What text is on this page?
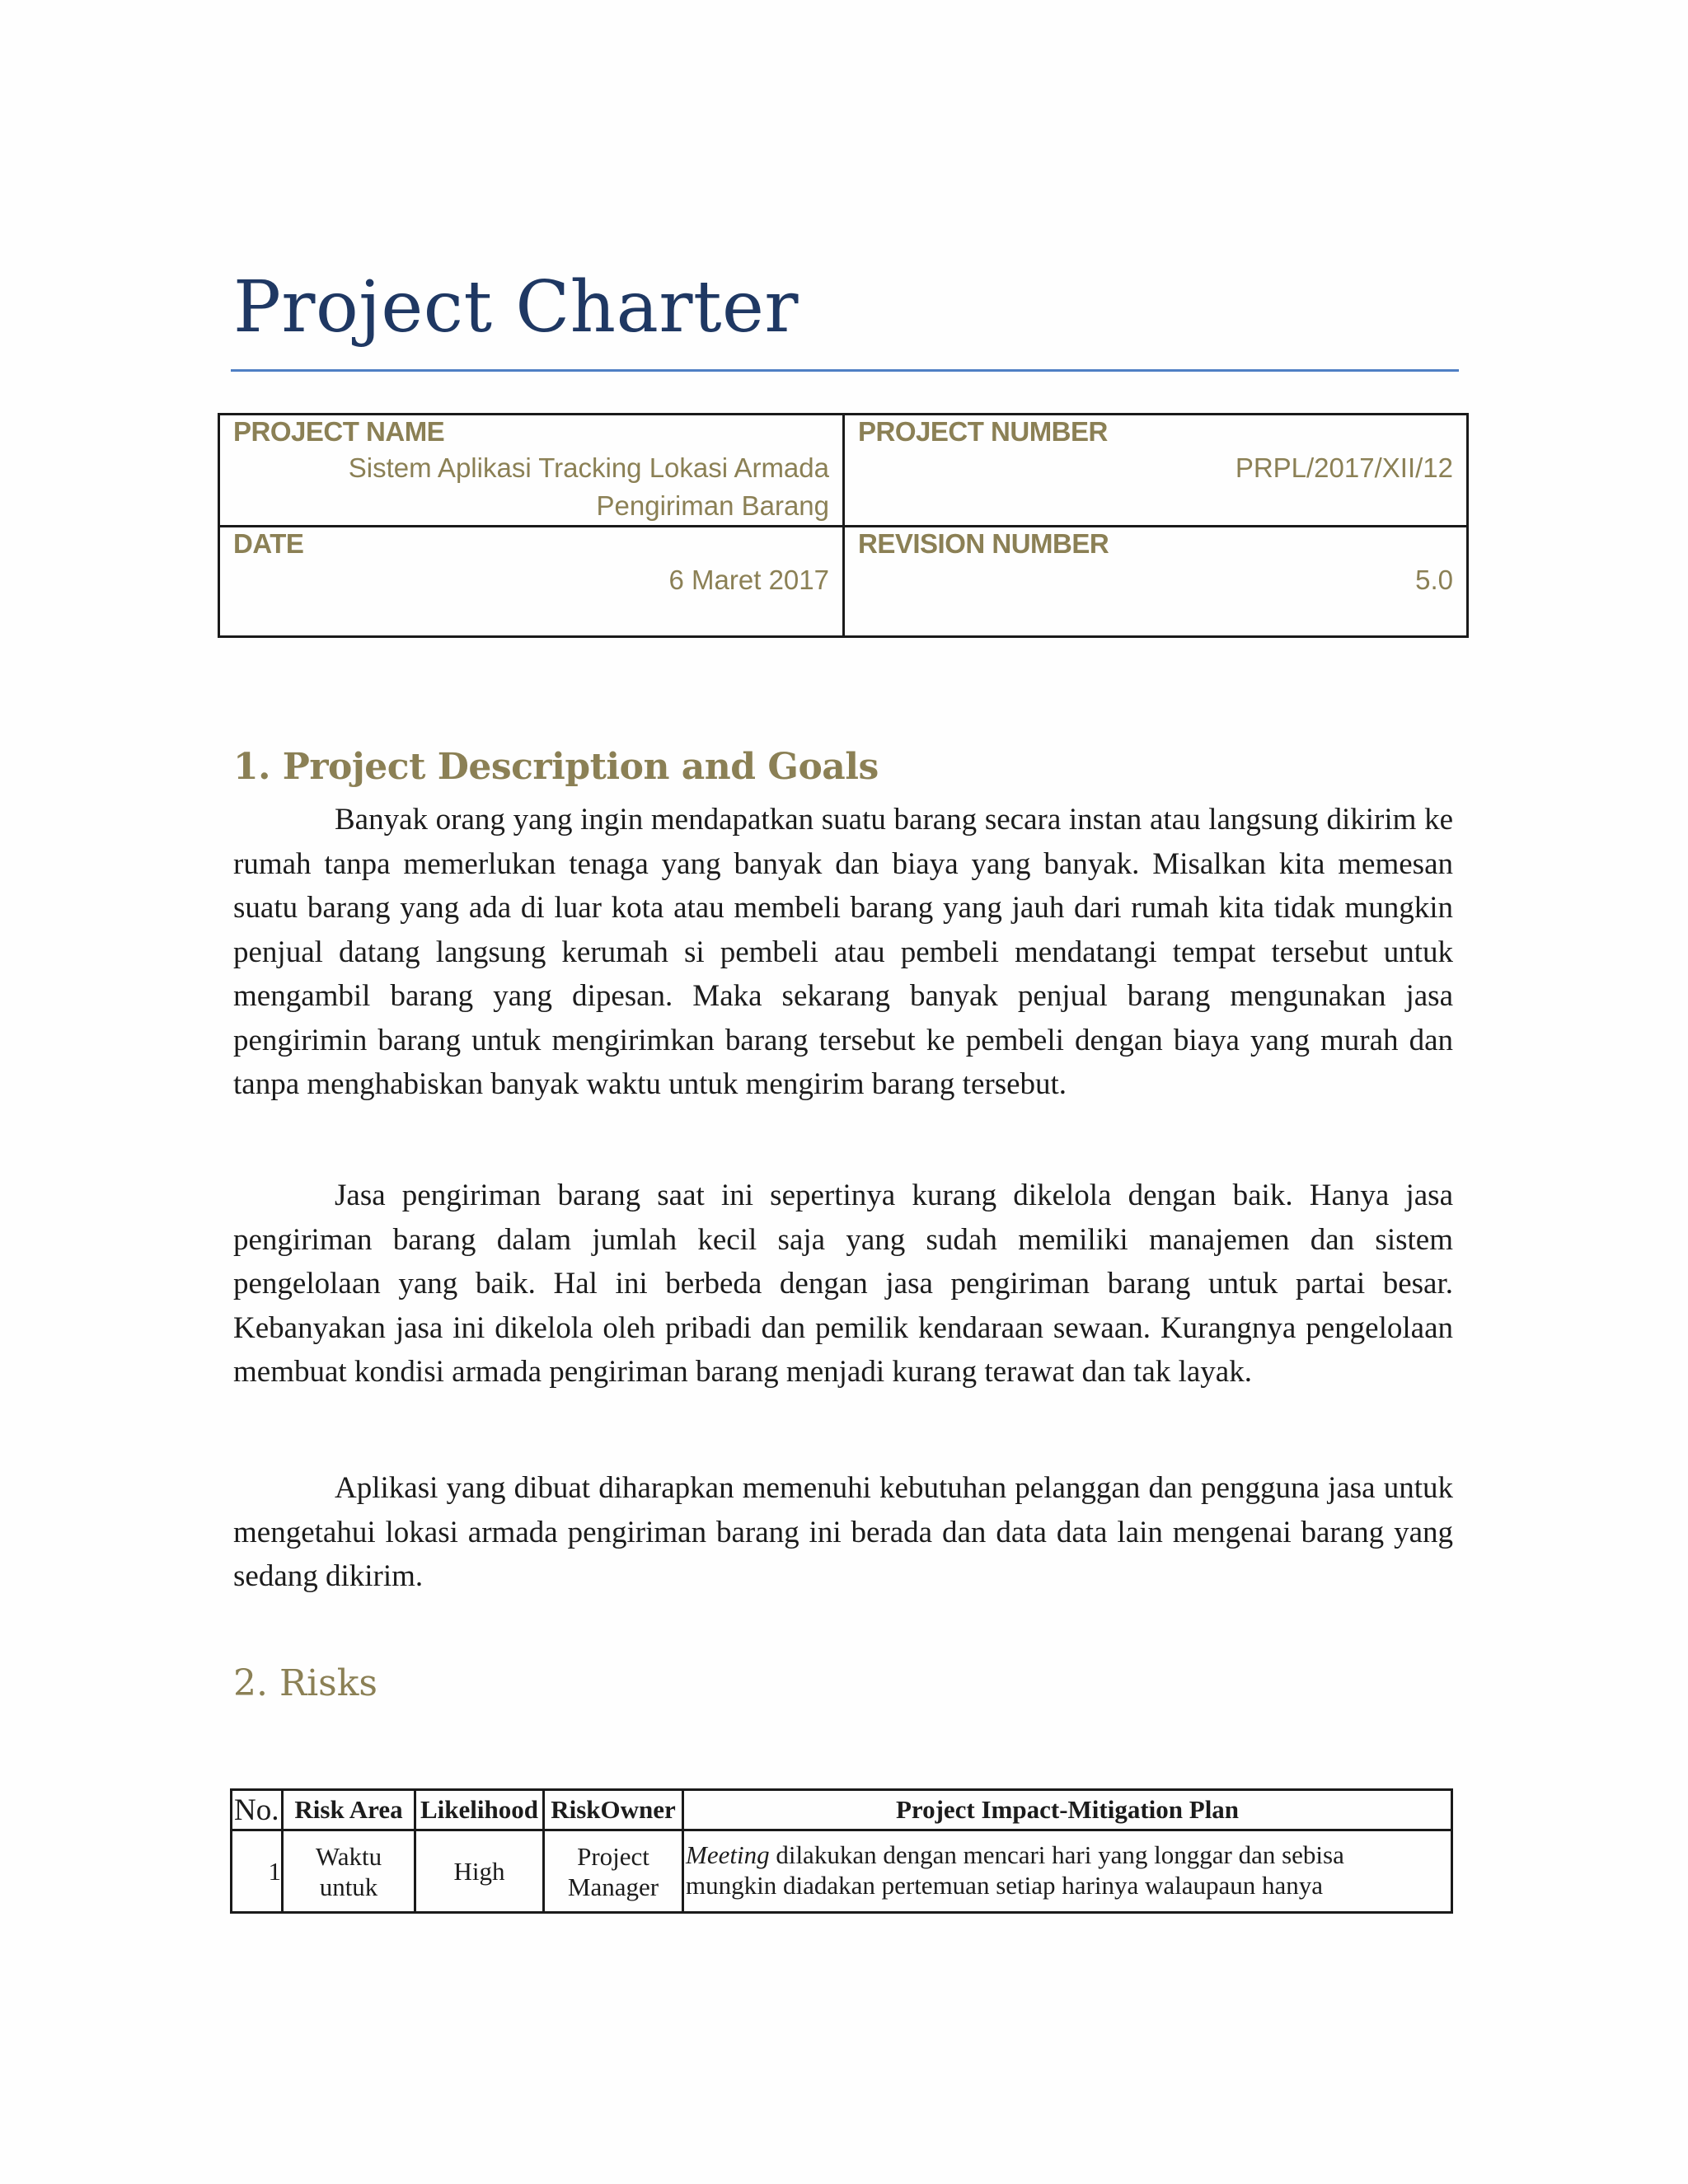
Project Charter
PROJECT NAME
Sistem Aplikasi Tracking Lokasi Armada
Pengiriman Barang
PROJECT NUMBER
PRPL/2017/XII/12
DATE
6 Maret 2017
REVISION NUMBER
5.0
1. Project Description and Goals

Banyak orang yang ingin mendapatkan suatu barang secara instan atau langsung dikirim ke rumah tanpa memerlukan tenaga yang banyak dan biaya yang banyak. Misalkan kita memesan suatu barang yang ada di luar kota atau membeli barang yang jauh dari rumah kita tidak mungkin penjual datang langsung kerumah si pembeli atau pembeli mendatangi tempat tersebut untuk mengambil barang yang dipesan. Maka sekarang banyak penjual barang mengunakan jasa pengirimin barang untuk mengirimkan barang tersebut ke pembeli dengan biaya yang murah dan tanpa menghabiskan banyak waktu untuk mengirim barang tersebut.

Jasa pengiriman barang saat ini sepertinya kurang dikelola dengan baik. Hanya jasa pengiriman barang dalam jumlah kecil saja yang sudah memiliki manajemen dan sistem pengelolaan yang baik. Hal ini berbeda dengan jasa pengiriman barang untuk partai besar. Kebanyakan jasa ini dikelola oleh pribadi dan pemilik kendaraan sewaan. Kurangnya pengelolaan membuat kondisi armada pengiriman barang menjadi kurang terawat dan tak layak.

Aplikasi yang dibuat diharapkan memenuhi kebutuhan pelanggan dan pengguna jasa untuk mengetahui lokasi armada pengiriman barang ini berada dan data data lain mengenai barang yang sedang dikirim.

2. Risks
No. Risk Area Likelihood RiskOwner	Project Impact-Mitigation Plan
1
Waktu
untuk
High
Project
Manager
Meeting dilakukan dengan mencari hari yang longgar dan sebisa
mungkin diadakan pertemuan setiap harinya walaupaun hanya
